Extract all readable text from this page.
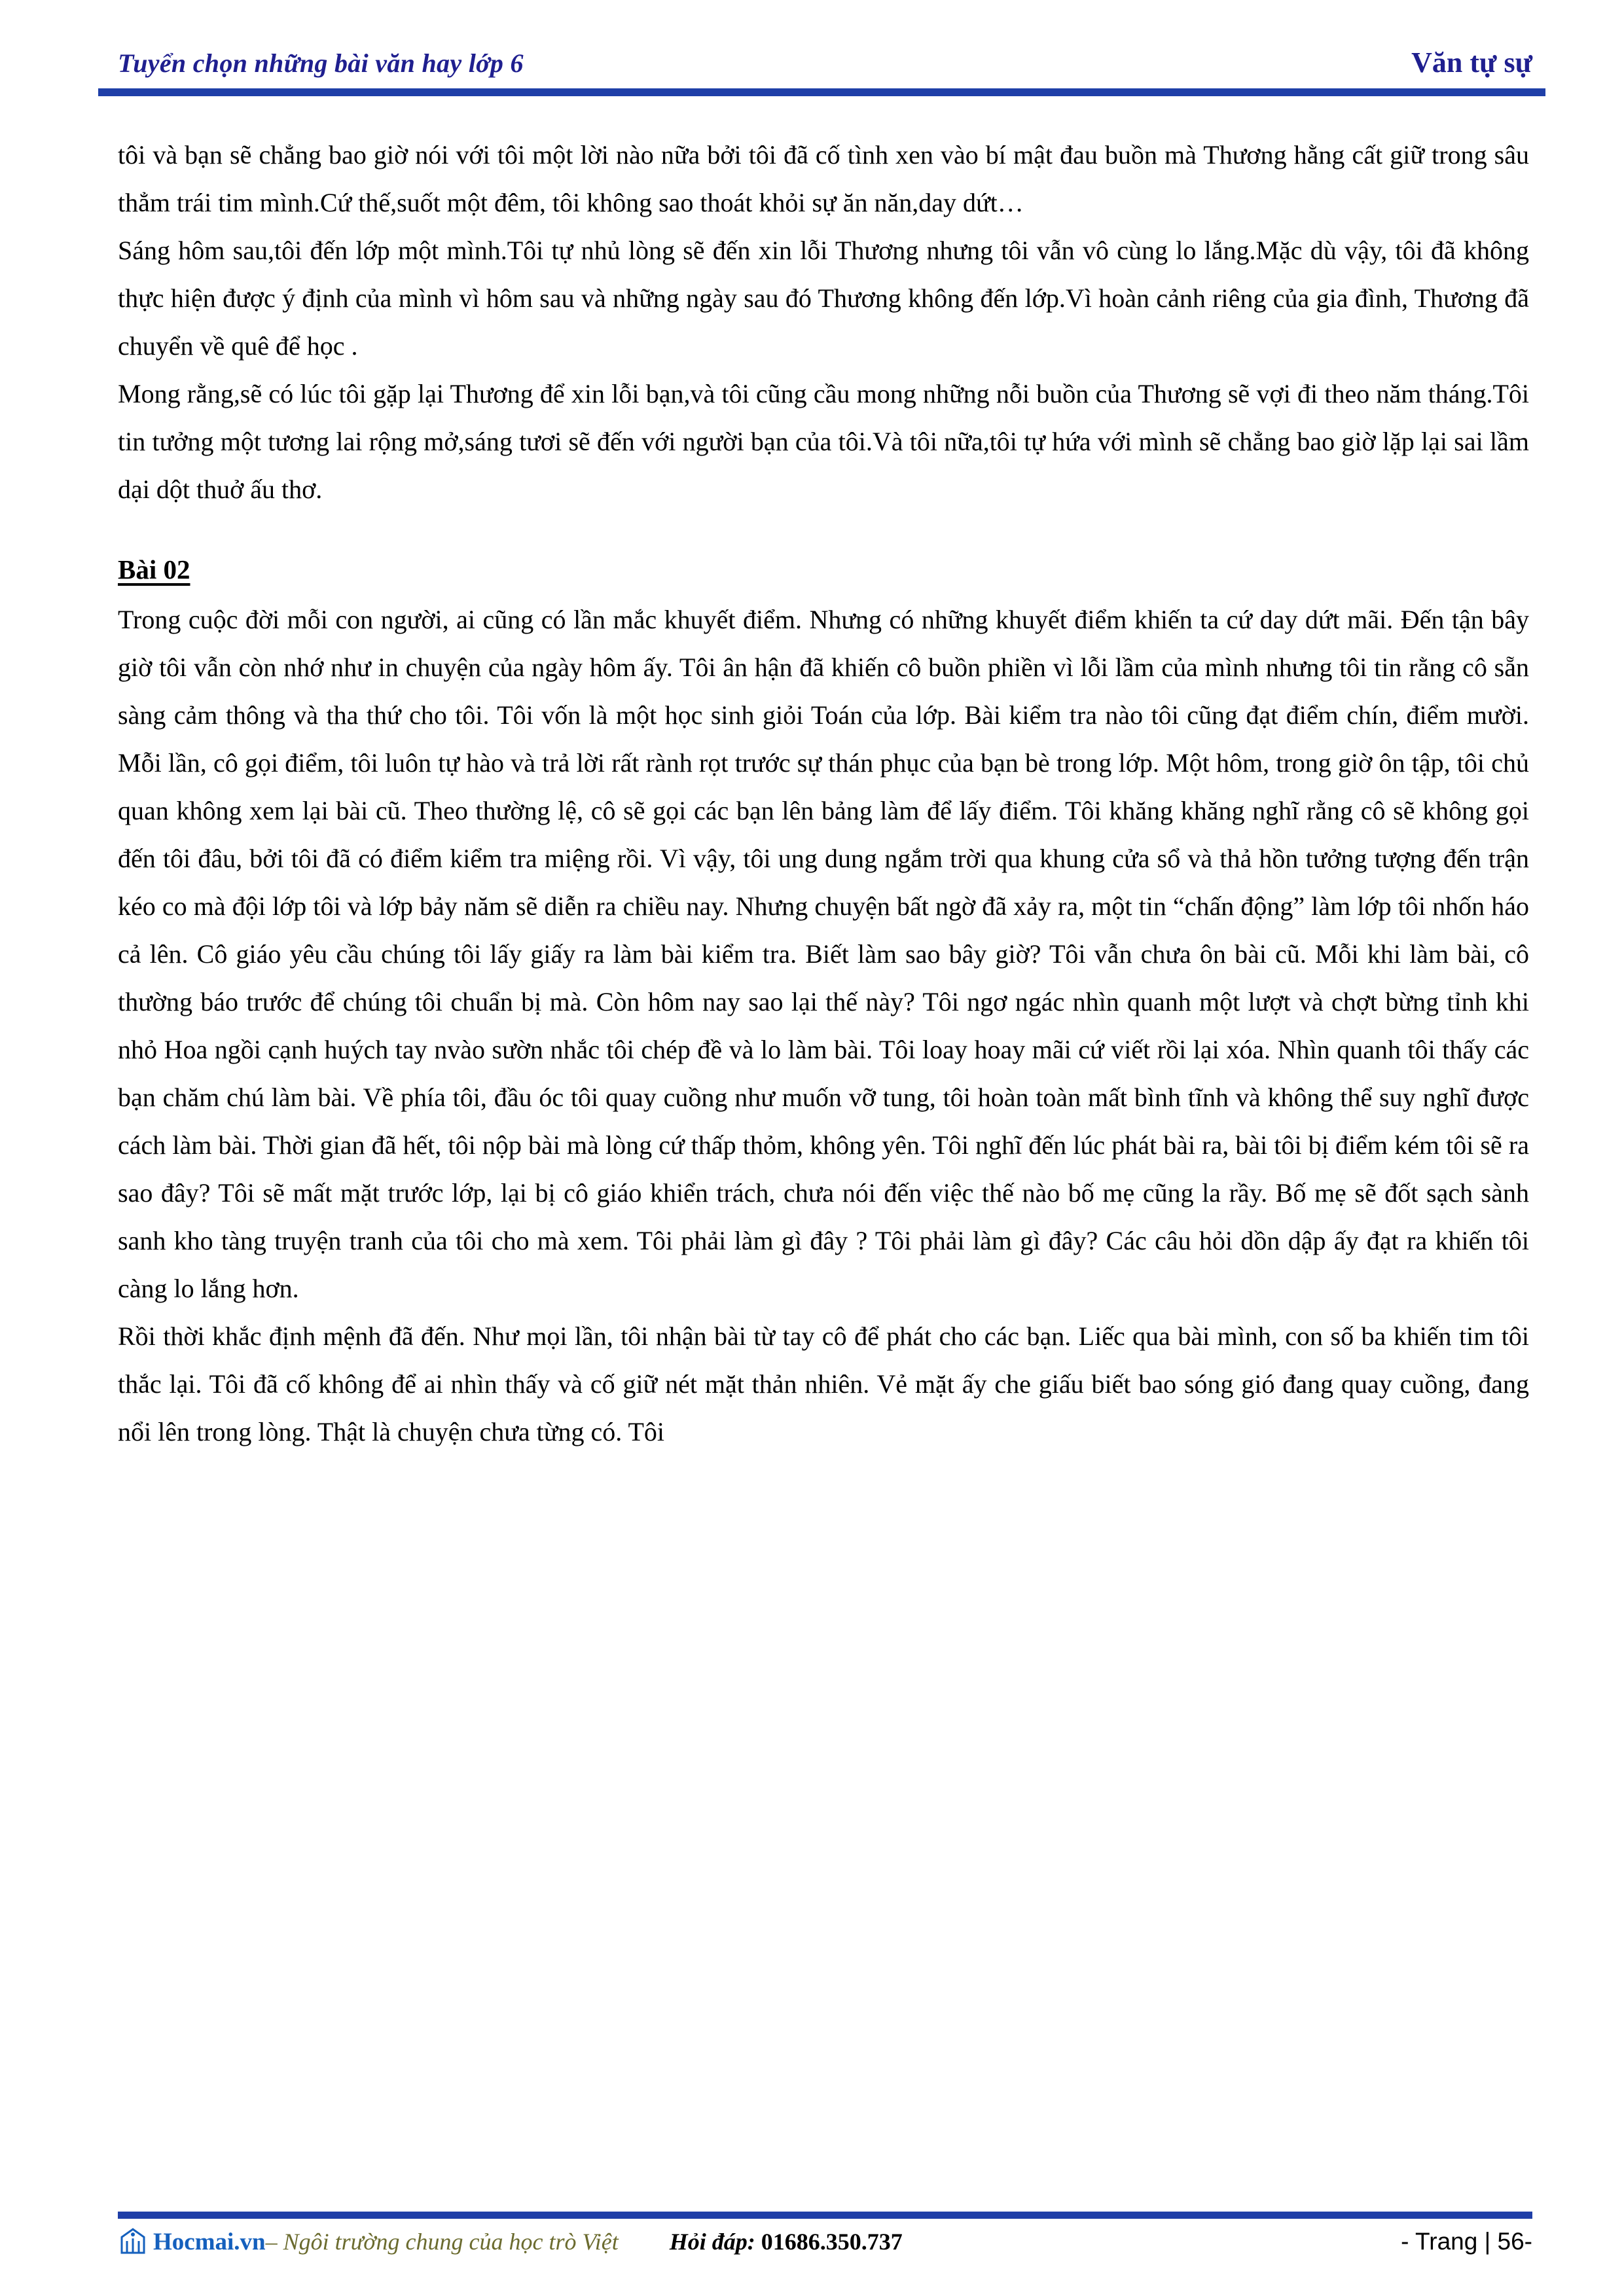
Tuyển chọn những bài văn hay lớp 6	Văn tự sự

tôi và bạn sẽ chẳng bao giờ nói với tôi một lời nào nữa bởi tôi đã cố tình xen vào bí mật đau buồn mà Thương hằng cất giữ trong sâu thẳm trái tim mình.Cứ thế,suốt một đêm, tôi không sao thoát khỏi sự ăn năn,day dứt…

Sáng hôm sau,tôi đến lớp một mình.Tôi tự nhủ lòng sẽ đến xin lỗi Thương nhưng tôi vẫn vô cùng lo lắng.Mặc dù vậy, tôi đã không thực hiện được ý định của mình vì hôm sau và những ngày sau đó Thương không đến lớp.Vì hoàn cảnh riêng của gia đình, Thương đã chuyển về quê để học .

Mong rằng,sẽ có lúc tôi gặp lại Thương để xin lỗi bạn,và tôi cũng cầu mong những nỗi buồn của Thương sẽ vợi đi theo năm tháng.Tôi tin tưởng một tương lai rộng mở,sáng tươi sẽ đến với người bạn của tôi.Và tôi nữa,tôi tự hứa với mình sẽ chẳng bao giờ lặp lại sai lầm dại dột thuở ấu thơ.

Bài 02

Trong cuộc đời mỗi con người, ai cũng có lần mắc khuyết điểm. Nhưng có những khuyết điểm khiến ta cứ day dứt mãi. Đến tận bây giờ tôi vẫn còn nhớ như in chuyện của ngày hôm ấy. Tôi ân hận đã khiến cô buồn phiền vì lỗi lầm của mình nhưng tôi tin rằng cô sẵn sàng cảm thông và tha thứ cho tôi. Tôi vốn là một học sinh giỏi Toán của lớp. Bài kiểm tra nào tôi cũng đạt điểm chín, điểm mười. Mỗi lần, cô gọi điểm, tôi luôn tự hào và trả lời rất rành rọt trước sự thán phục của bạn bè trong lớp. Một hôm, trong giờ ôn tập, tôi chủ quan không xem lại bài cũ. Theo thường lệ, cô sẽ gọi các bạn lên bảng làm để lấy điểm. Tôi khăng khăng nghĩ rằng cô sẽ không gọi đến tôi đâu, bởi tôi đã có điểm kiểm tra miệng rồi. Vì vậy, tôi ung dung ngắm trời qua khung cửa sổ và thả hồn tưởng tượng đến trận kéo co mà đội lớp tôi và lớp bảy năm sẽ diễn ra chiều nay. Nhưng chuyện bất ngờ đã xảy ra, một tin “chấn động” làm lớp tôi nhốn háo cả lên. Cô giáo yêu cầu chúng tôi lấy giấy ra làm bài kiểm tra. Biết làm sao bây giờ? Tôi vẫn chưa ôn bài cũ. Mỗi khi làm bài, cô thường báo trước để chúng tôi chuẩn bị mà. Còn hôm nay sao lại thế này? Tôi ngơ ngác nhìn quanh một lượt và chợt bừng tỉnh khi nhỏ Hoa ngồi cạnh huých tay nvào sườn nhắc tôi chép đề và lo làm bài. Tôi loay hoay mãi cứ viết rồi lại xóa. Nhìn quanh tôi thấy các bạn chăm chú làm bài. Về phía tôi, đầu óc tôi quay cuồng như muốn vỡ tung, tôi hoàn toàn mất bình tĩnh và không thể suy nghĩ được cách làm bài. Thời gian đã hết, tôi nộp bài mà lòng cứ thấp thỏm, không yên. Tôi nghĩ đến lúc phát bài ra, bài tôi bị điểm kém tôi sẽ ra sao đây? Tôi sẽ mất mặt trước lớp, lại bị cô giáo khiển trách, chưa nói đến việc thế nào bố mẹ cũng la rầy. Bố mẹ sẽ đốt sạch sành sanh kho tàng truyện tranh của tôi cho mà xem. Tôi phải làm gì đây ? Tôi phải làm gì đây? Các câu hỏi dồn dập ấy đạt ra khiến tôi càng lo lắng hơn.

Rồi thời khắc định mệnh đã đến. Như mọi lần, tôi nhận bài từ tay cô để phát cho các bạn. Liếc qua bài mình, con số ba khiến tim tôi thắc lại. Tôi đã cố không để ai nhìn thấy và cố giữ nét mặt thản nhiên. Vẻ mặt ấy che giấu biết bao sóng gió đang quay cuồng, đang nổi lên trong lòng. Thật là chuyện chưa từng có. Tôi

Hocmai.vn – Ngôi trường chung của học trò Việt Hỏi đáp: 01686.350.737	- Trang | 56-
